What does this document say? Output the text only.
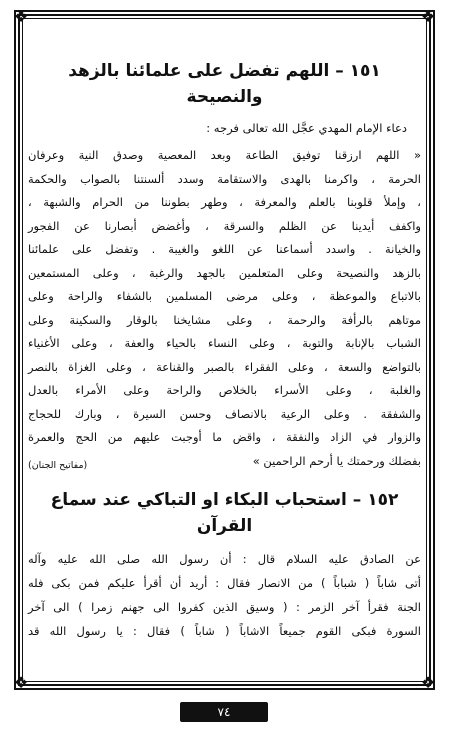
❖	❖
❖	❖
١٥١ – اللهم تفضل على علمائنا بالزهد والنصيحة
دعاء الإمام المهدي عجَّل الله تعالى فرجه :

« اللهم ارزقنا توفيق الطاعة وبعد المعصية وصدق النية وعرفان

الحرمة ، واكرمنا بالهدى والاستقامة وسدد ألسنتنا بالصواب والحكمة

، وإملأ قلوبنا بالعلم والمعرفة ، وطهر بطوننا من الحرام والشبهة ،

واكفف أيدينا عن الظلم والسرقة ، وأغضض أبصارنا عن الفجور

والخيانة . واسدد أسماعنا عن اللغو والغيبة . وتفضل على علمائنا

بالزهد والنصيحة وعلى المتعلمين بالجهد والرغبة ، وعلى المستمعين

بالاتباع والموعظة ، وعلى مرضى المسلمين بالشفاء والراحة وعلى

موتاهم بالرأفة والرحمة ، وعلى مشايخنا بالوقار والسكينة وعلى

الشباب بالإنابة والتوبة ، وعلى النساء بالحياء والعفة ، وعلى الأغنياء

بالتواضع والسعة ، وعلى الفقراء بالصبر والقناعة ، وعلى الغزاة بالنصر

والغلبة ، وعلى الأسراء بالخلاص والراحة وعلى الأمراء بالعدل

والشفقة . وعلى الرعية بالانصاف وحسن السيرة ، وبارك للحجاج

والزوار في الزاد والنفقة ، واقض ما أوجبت عليهم من الحج والعمرة

بفضلك ورحمتك يا أرحم الراحمين »
(مفاتيح الجنان)

١٥٢ – استحباب البكاء او التباكي عند سماع القرآن

عن الصادق عليه السلام قال : أن رسول الله صلى الله عليه وآله

أتى شاباً ( شباباً ) من الانصار فقال : أريد أن أقرأ عليكم فمن بكى فله

الجنة فقرأ آخر الزمر : ( وسيق الذين كفروا الى جهنم زمرا ) الى آخر

السورة فبكى القوم جميعاً الاشاباً ( شاباً ) فقال : يا رسول الله قد

٧٤
